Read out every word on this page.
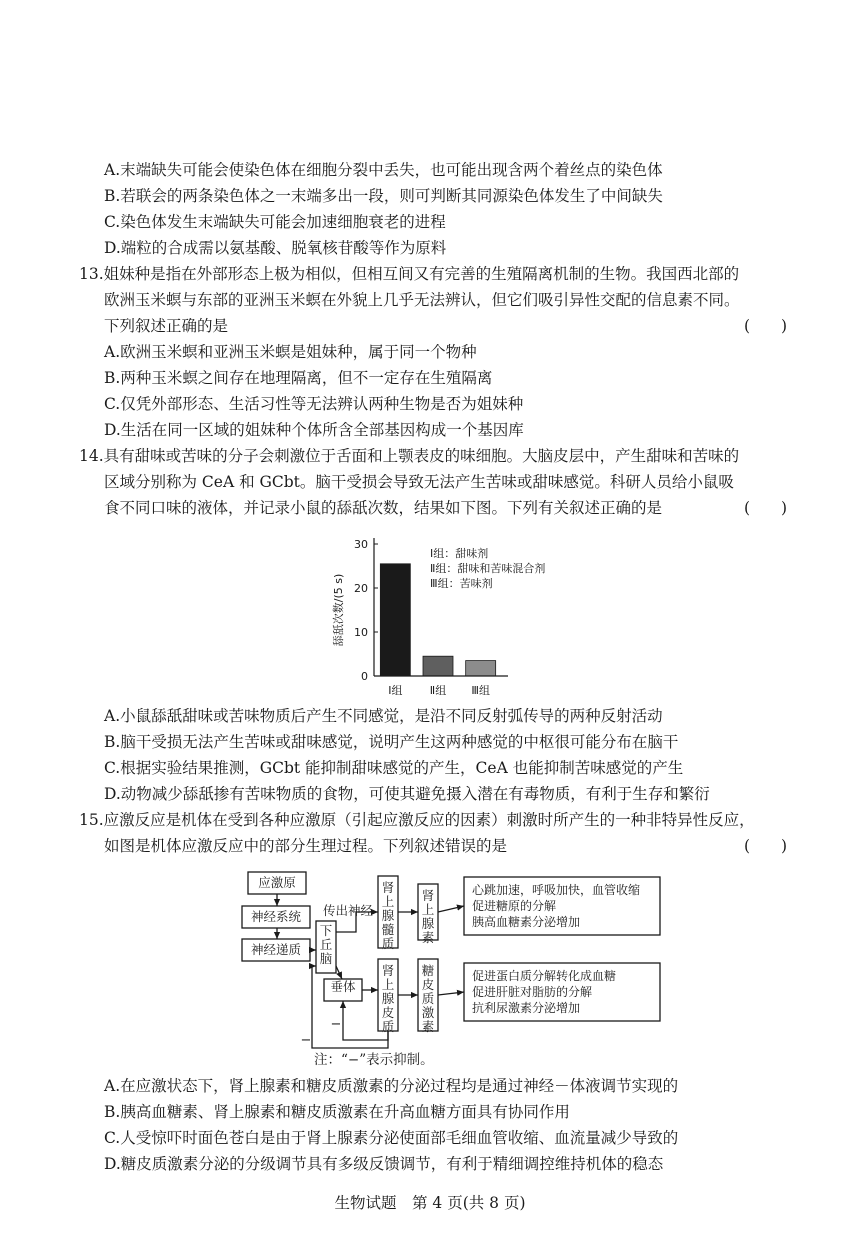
A.末端缺失可能会使染色体在细胞分裂中丢失，也可能出现含两个着丝点的染色体
B.若联会的两条染色体之一末端多出一段，则可判断其同源染色体发生了中间缺失
C.染色体发生末端缺失可能会加速细胞衰老的进程
D.端粒的合成需以氨基酸、脱氧核苷酸等作为原料
13.姐妹种是指在外部形态上极为相似，但相互间又有完善的生殖隔离机制的生物。我国西北部的
欧洲玉米螟与东部的亚洲玉米螟在外貌上几乎无法辨认，但它们吸引异性交配的信息素不同。
下列叙述正确的是	(　　)
A.欧洲玉米螟和亚洲玉米螟是姐妹种，属于同一个物种
B.两种玉米螟之间存在地理隔离，但不一定存在生殖隔离
C.仅凭外部形态、生活习性等无法辨认两种生物是否为姐妹种
D.生活在同一区域的姐妹种个体所含全部基因构成一个基因库
14.具有甜味或苦味的分子会刺激位于舌面和上颚表皮的味细胞。大脑皮层中，产生甜味和苦味的
区域分别称为 CeA 和 GCbt。脑干受损会导致无法产生苦味或甜味感觉。科研人员给小鼠吸
食不同口味的液体，并记录小鼠的舔舐次数，结果如下图。下列有关叙述正确的是	(　　)
0
10
20
30
舔舐次数/(5 s)
Ⅰ组 Ⅱ组 Ⅲ组
Ⅰ组：甜味剂
Ⅱ组：甜味和苦味混合剂
Ⅲ组：苦味剂
A.小鼠舔舐甜味或苦味物质后产生不同感觉，是沿不同反射弧传导的两种反射活动
B.脑干受损无法产生苦味或甜味感觉，说明产生这两种感觉的中枢很可能分布在脑干
C.根据实验结果推测，GCbt 能抑制甜味感觉的产生，CeA 也能抑制苦味感觉的产生
D.动物减少舔舐掺有苦味物质的食物，可使其避免摄入潜在有毒物质，有利于生存和繁衍
15.应激反应是机体在受到各种应激原（引起应激反应的因素）刺激时所产生的一种非特异性反应，
如图是机体应激反应中的部分生理过程。下列叙述错误的是	(　　)
应激原
神经系统
神经递质
传出神经
垂体
下
丘
脑
肾
上
腺
髓
质
肾
上
腺
素
肾
上
腺
皮
质
糖
皮
质
激
素
心跳加速，呼吸加快，血管收缩
促进糖原的分解
胰高血糖素分泌增加
促进蛋白质分解转化成血糖
促进肝脏对脂肪的分解
抗利尿激素分泌增加
−
−
注：“−”表示抑制。
A.在应激状态下，肾上腺素和糖皮质激素的分泌过程均是通过神经－体液调节实现的
B.胰高血糖素、肾上腺素和糖皮质激素在升高血糖方面具有协同作用
C.人受惊吓时面色苍白是由于肾上腺素分泌使面部毛细血管收缩、血流量减少导致的
D.糖皮质激素分泌的分级调节具有多级反馈调节，有利于精细调控维持机体的稳态
生物试题　第 4 页(共 8 页)
